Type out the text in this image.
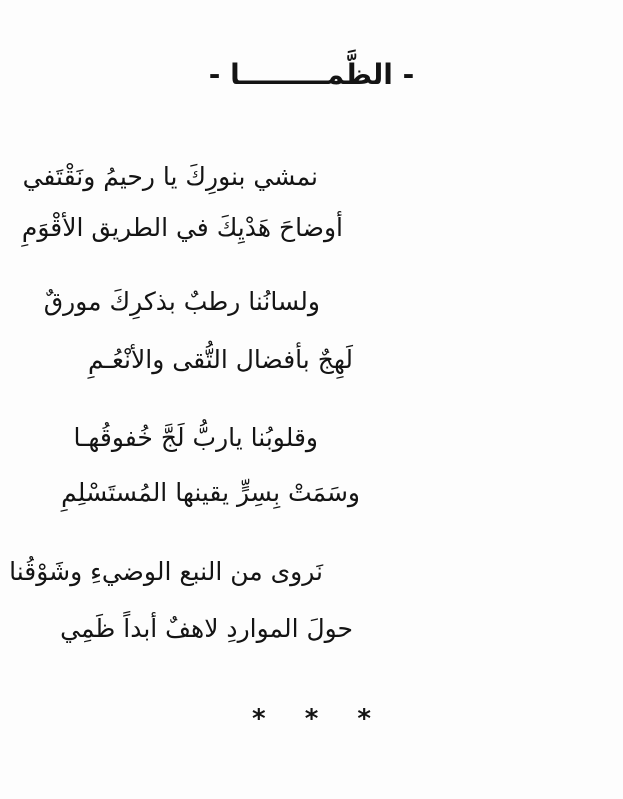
- الظَّمـــــــــا -
نمشي بنورِكَ يا رحيمُ ونَقْتَفي
أوضاحَ هَدْيِكَ في الطريق الأقْوَمِ
ولسانُنا رطبٌ بذكرِكَ مورقٌ
لَهِجٌ بأفضال التُّقى والأنْعُـمِ
وقلوبُنا ياربُّ لَجَّ خُفوقُهـا
وسَمَتْ بِسِرٍّ يقينها المُستَسْلِمِ
نَروى من النبع الوضيءِ وشَوْقُنا
حولَ المواردِ لاهفٌ أبداً ظَمِي
* * *
